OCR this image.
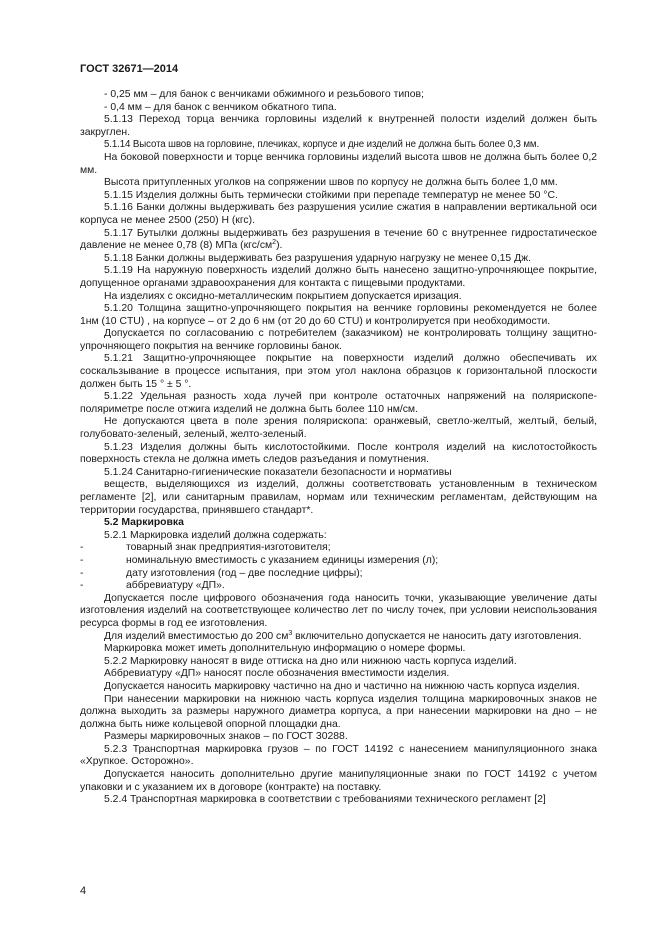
ГОСТ 32671—2014

- 0,25 мм – для банок с венчиками обжимного и резьбового типов;

- 0,4 мм – для банок с венчиком обкатного типа.

5.1.13 Переход торца венчика горловины изделий к внутренней полости изделий должен быть закруглен.

5.1.14 Высота швов на горловине, плечиках, корпусе и дне изделий не должна быть более 0,3 мм.

На боковой поверхности и торце венчика горловины изделий высота швов не должна быть более 0,2 мм.

Высота притупленных уголков на сопряжении швов по корпусу не должна быть более 1,0 мм.

5.1.15 Изделия должны быть термически стойкими при перепаде температур не менее 50 °С.

5.1.16 Банки должны выдерживать без разрушения усилие сжатия в направлении вертикальной оси корпуса не менее 2500 (250) Н (кгс).

5.1.17 Бутылки должны выдерживать без разрушения в течение 60 с внутреннее гидростатическое давление не менее 0,78 (8) МПа $(кгс/см^2)$.

5.1.18 Банки должны выдерживать без разрушения ударную нагрузку не менее 0,15 Дж.

5.1.19 На наружную поверхность изделий должно быть нанесено защитно-упрочняющее покрытие, допущенное органами здравоохранения для контакта с пищевыми продуктами.

На изделиях с оксидно-металлическим покрытием допускается иризация.

5.1.20 Толщина защитно-упрочняющего покрытия на венчике горловины рекомендуется не более 1нм (10 CTU) , на корпусе – от 2 до 6 нм (от 20 до 60 CTU) и контролируется при необходимости.

Допускается по согласованию с потребителем (заказчиком) не контролировать толщину защитно-упрочняющего покрытия на венчике горловины банок.

5.1.21 Защитно-упрочняющее покрытие на поверхности изделий должно обеспечивать их соскальзывание в процессе испытания, при этом угол наклона образцов к горизонтальной плоскости должен быть 15 ° ± 5 °.

5.1.22 Удельная разность хода лучей при контроле остаточных напряжений на полярископе-поляриметре после отжига изделий не должна быть более 110 нм/см.

Не допускаются цвета в поле зрения полярископа: оранжевый, светло-желтый, желтый, белый, голубовато-зеленый, зеленый, желто-зеленый.

5.1.23 Изделия должны быть кислотостойкими. После контроля изделий на кислотостойкость поверхность стекла не должна иметь следов разъедания и помутнения.

5.1.24 Санитарно-гигиенические показатели безопасности и нормативы

веществ, выделяющихся из изделий, должны соответствовать установленным в техническом регламенте [2], или санитарным правилам, нормам или техническим регламентам, действующим на территории государства, принявшего стандарт*.

5.2 Маркировка

5.2.1 Маркировка изделий должна содержать:

-	товарный знак предприятия-изготовителя;
-	номинальную вместимость с указанием единицы измерения (л);
-	дату изготовления (год – две последние цифры);
-	аббревиатуру «ДП».

Допускается после цифрового обозначения года наносить точки, указывающие увеличение даты изготовления изделий на соответствующее количество лет по числу точек, при условии неиспользования ресурса формы в год ее изготовления.

Для изделий вместимостью до 200 $см^3$ включительно допускается не наносить дату изготовления.

Маркировка может иметь дополнительную информацию о номере формы.

5.2.2 Маркировку наносят в виде оттиска на дно или нижнюю часть корпуса изделий.

Аббревиатуру «ДП» наносят после обозначения вместимости изделия.

Допускается наносить маркировку частично на дно и частично на нижнюю часть корпуса изделия.

При нанесении маркировки на нижнюю часть корпуса изделия толщина маркировочных знаков не должна выходить за размеры наружного диаметра корпуса, а при нанесении маркировки на дно – не должна быть ниже кольцевой опорной площадки дна.

Размеры маркировочных знаков – по ГОСТ 30288.

5.2.3 Транспортная маркировка грузов – по ГОСТ 14192 с нанесением манипуляционного знака «Хрупкое. Осторожно».

Допускается наносить дополнительно другие манипуляционные знаки по ГОСТ 14192 с учетом упаковки и с указанием их в договоре (контракте) на поставку.

5.2.4 Транспортная маркировка в соответствии с требованиями технического регламент [2]

4
